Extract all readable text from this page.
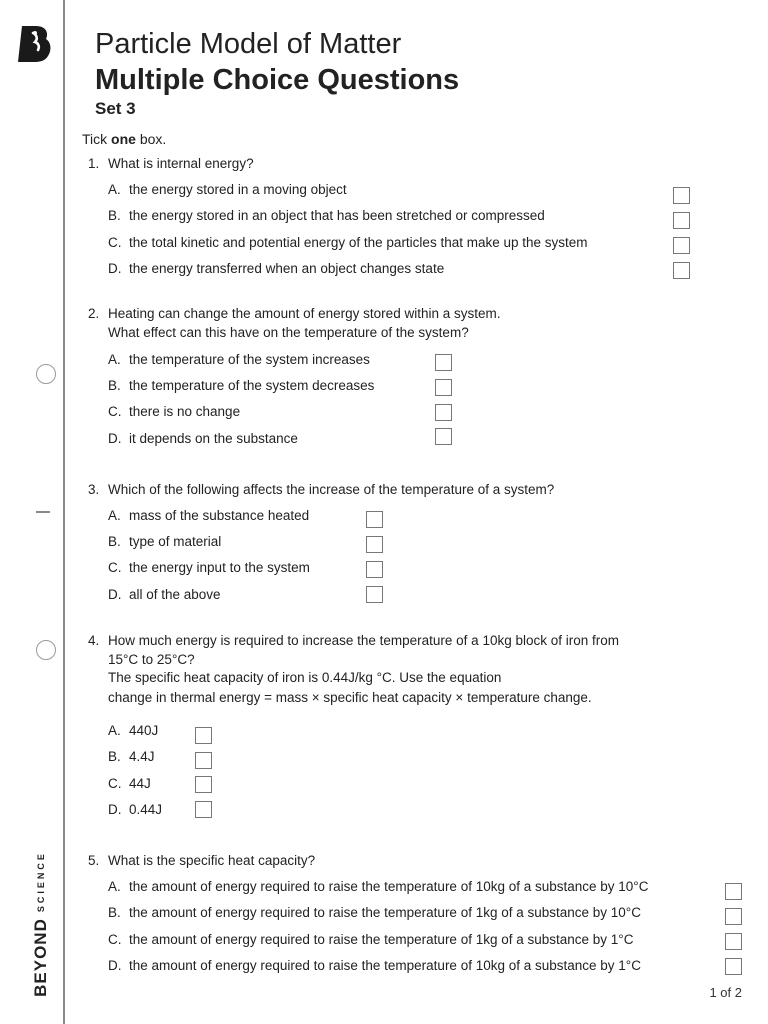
BEYOND
SCIENCE
Particle Model of Matter
Multiple Choice Questions
Set 3
Tick one box.
1. What is internal energy?
A. the energy stored in a moving object
B. the energy stored in an object that has been stretched or compressed
C. the total kinetic and potential energy of the particles that make up the system
D. the energy transferred when an object changes state
2. Heating can change the amount of energy stored within a system.
What effect can this have on the temperature of the system?
A. the temperature of the system increases
B. the temperature of the system decreases
C. there is no change
D. it depends on the substance
3. Which of the following affects the increase of the temperature of a system?
A. mass of the substance heated
B. type of material
C. the energy input to the system
D. all of the above
4. How much energy is required to increase the temperature of a 10kg block of iron from
15°C to 25°C?
The specific heat capacity of iron is 0.44J/kg °C. Use the equation
change in thermal energy = mass × specific heat capacity × temperature change.
A. 440J
B. 4.4J
C. 44J
D. 0.44J
5. What is the specific heat capacity?
A. the amount of energy required to raise the temperature of 10kg of a substance by 10°C
B. the amount of energy required to raise the temperature of 1kg of a substance by 10°C
C. the amount of energy required to raise the temperature of 1kg of a substance by 1°C
D. the amount of energy required to raise the temperature of 10kg of a substance by 1°C
1 of 2
